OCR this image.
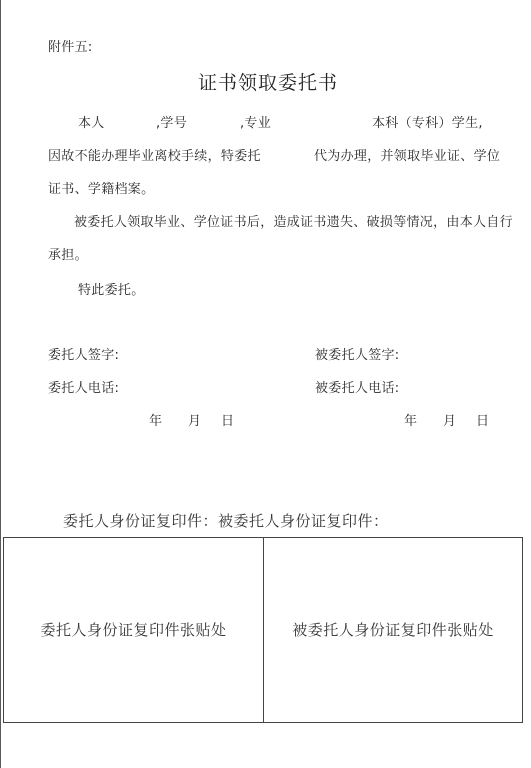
附件五:
证书领取委托书
本人	,学号	,专业	本科（专科）学生,
因故不能办理毕业离校手续，特委托	代为办理，并领取毕业证、学位
证书、学籍档案。
被委托人领取毕业、学位证书后，造成证书遗失、破损等情况，由本人自行
承担。
特此委托。
委托人签字:	被委托人签字:
委托人电话:	被委托人电话:
年 月 日	年 月 日
委托人身份证复印件：被委托人身份证复印件：
委托人身份证复印件张贴处	被委托人身份证复印件张贴处
